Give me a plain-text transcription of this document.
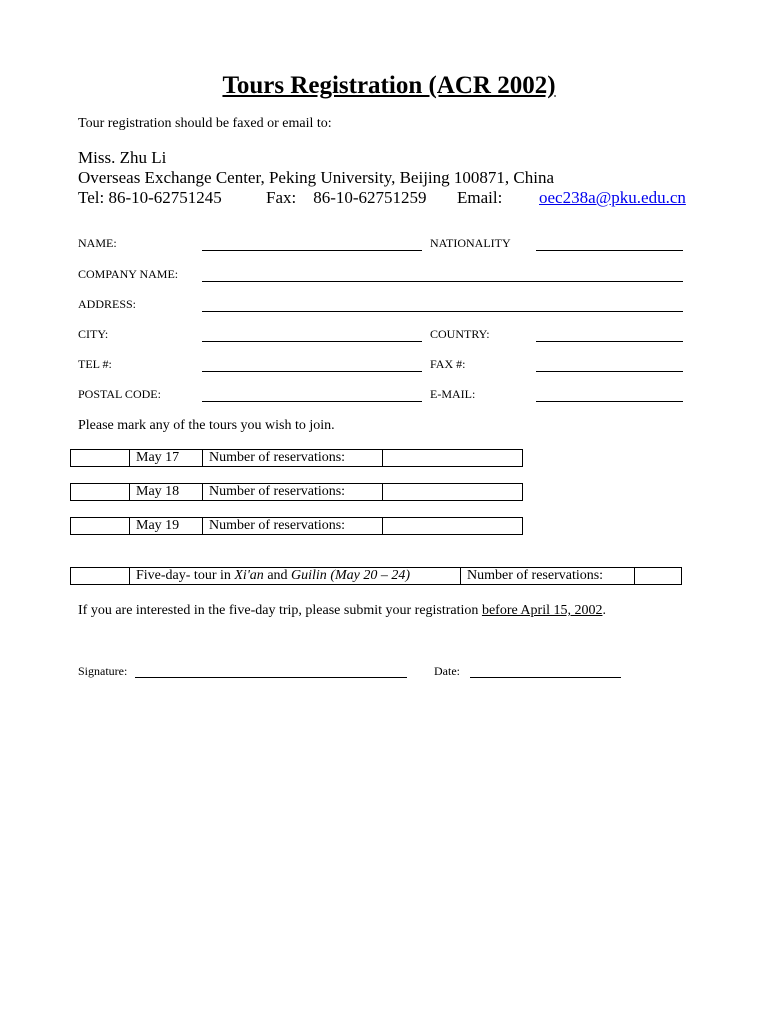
Tours Registration (ACR 2002)
Tour registration should be faxed or email to:
Miss. Zhu Li
Overseas Exchange Center, Peking University, Beijing 100871, China
Tel: 86-10-62751245	Fax:    86-10-62751259 Email: oec238a@pku.edu.cn
NAME:	NATIONALITY
COMPANY NAME:
ADDRESS:
CITY:	COUNTRY:
TEL #:	FAX #:
POSTAL CODE:	E-MAIL:
Please mark any of the tours you wish to join.
	May 17	Number of reservations:	
	May 18	Number of reservations:	
	May 19	Number of reservations:	
	Five-day- tour in Xi'an and Guilin (May 20 – 24)	Number of reservations:	
If you are interested in the five-day trip, please submit your registration before April 15, 2002.
Signature:	Date:
